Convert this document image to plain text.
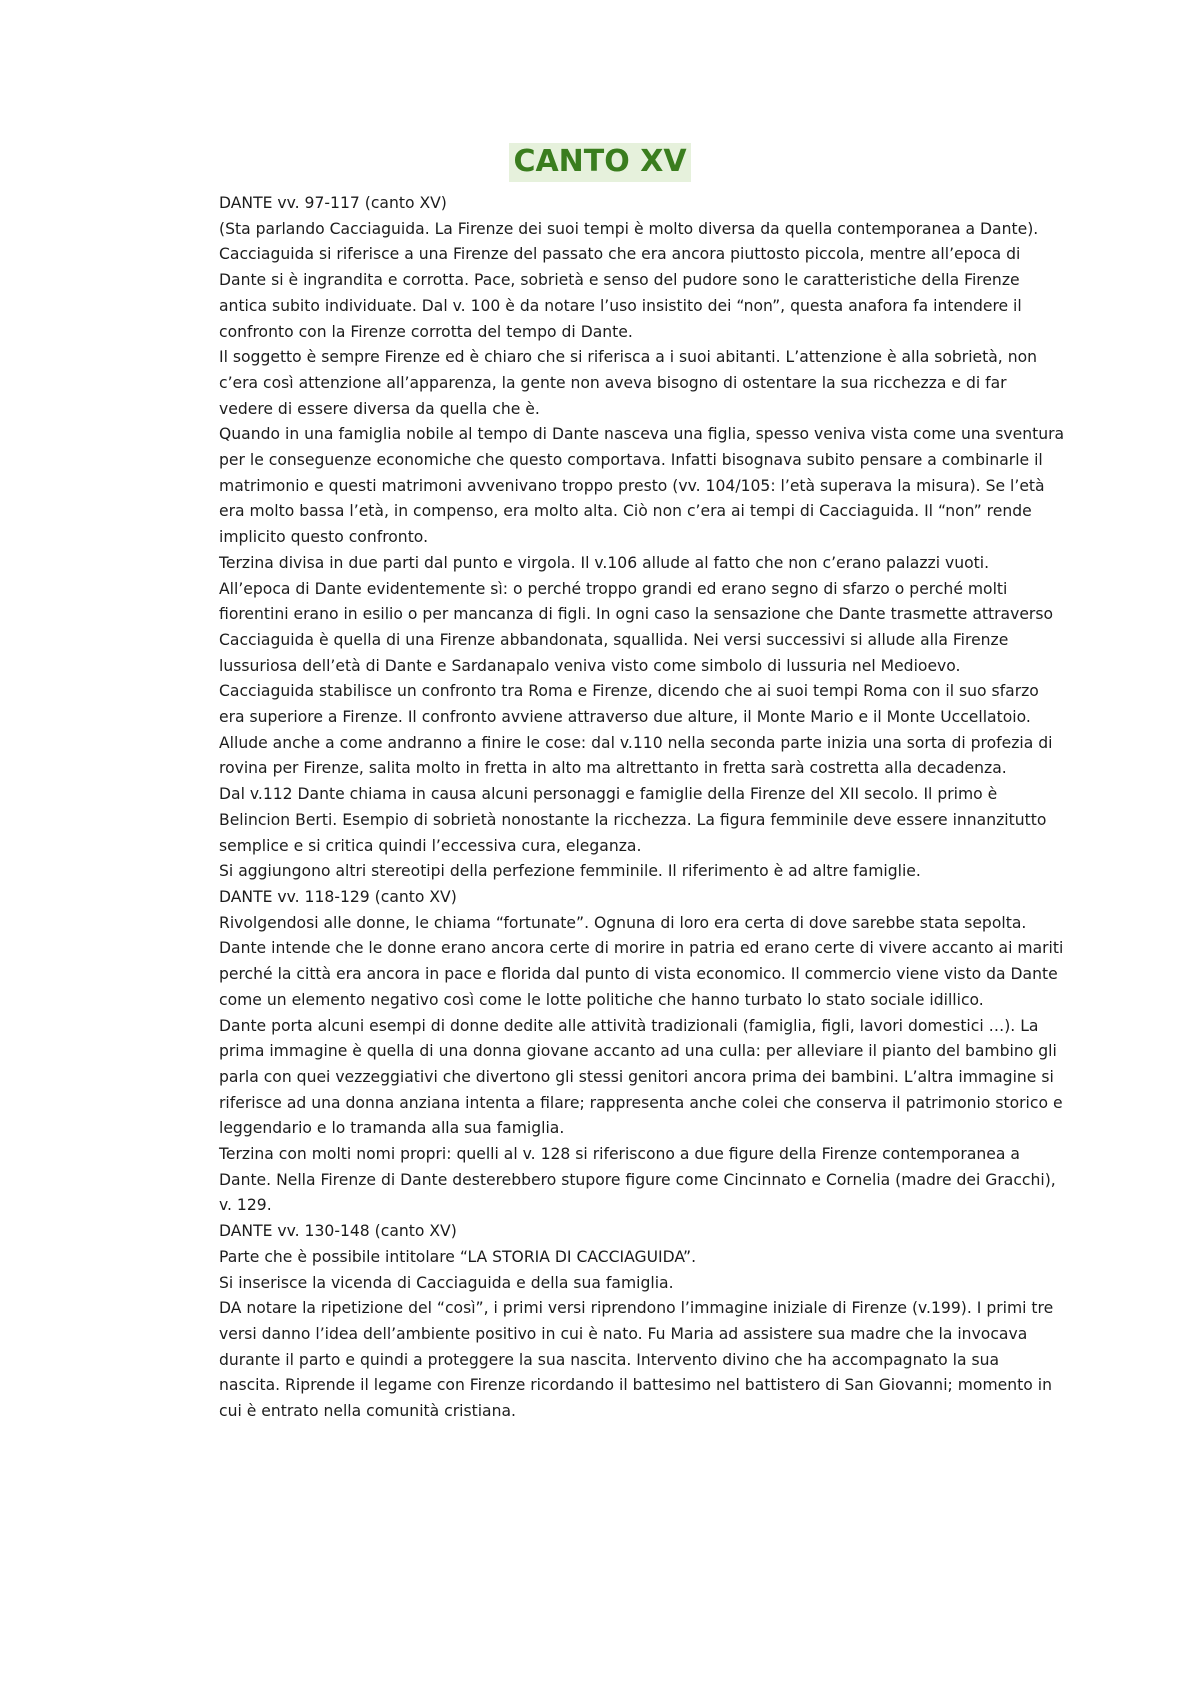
CANTO XV

DANTE vv. 97-117 (canto XV)

(Sta parlando Cacciaguida. La Firenze dei suoi tempi è molto diversa da quella contemporanea a Dante).

Cacciaguida si riferisce a una Firenze del passato che era ancora piuttosto piccola, mentre all’epoca di Dante si è ingrandita e corrotta. Pace, sobrietà e senso del pudore sono le caratteristiche della Firenze antica subito individuate. Dal v. 100 è da notare l’uso insistito dei “non”, questa anafora fa intendere il confronto con la Firenze corrotta del tempo di Dante.

Il soggetto è sempre Firenze ed è chiaro che si riferisca a i suoi abitanti. L’attenzione è alla sobrietà, non c’era così attenzione all’apparenza, la gente non aveva bisogno di ostentare la sua ricchezza e di far vedere di essere diversa da quella che è.

Quando in una famiglia nobile al tempo di Dante nasceva una figlia, spesso veniva vista come una sventura per le conseguenze economiche che questo comportava. Infatti bisognava subito pensare a combinarle il matrimonio e questi matrimoni avvenivano troppo presto (vv. 104/105: l’età superava la misura). Se l’età era molto bassa l’età, in compenso, era molto alta. Ciò non c’era ai tempi di Cacciaguida. Il “non” rende implicito questo confronto.

Terzina divisa in due parti dal punto e virgola. Il v.106 allude al fatto che non c’erano palazzi vuoti. All’epoca di Dante evidentemente sì: o perché troppo grandi ed erano segno di sfarzo o perché molti fiorentini erano in esilio o per mancanza di figli. In ogni caso la sensazione che Dante trasmette attraverso Cacciaguida è quella di una Firenze abbandonata, squallida. Nei versi successivi si allude alla Firenze lussuriosa dell’età di Dante e Sardanapalo veniva visto come simbolo di lussuria nel Medioevo.

Cacciaguida stabilisce un confronto tra Roma e Firenze, dicendo che ai suoi tempi Roma con il suo sfarzo era superiore a Firenze. Il confronto avviene attraverso due alture, il Monte Mario e il Monte Uccellatoio. Allude anche a come andranno a finire le cose: dal v.110 nella seconda parte inizia una sorta di profezia di rovina per Firenze, salita molto in fretta in alto ma altrettanto in fretta sarà costretta alla decadenza.

Dal v.112 Dante chiama in causa alcuni personaggi e famiglie della Firenze del XII secolo. Il primo è Belincion Berti. Esempio di sobrietà nonostante la ricchezza. La figura femminile deve essere innanzitutto semplice e si critica quindi l’eccessiva cura, eleganza.

Si aggiungono altri stereotipi della perfezione femminile. Il riferimento è ad altre famiglie.

DANTE vv. 118-129 (canto XV)

Rivolgendosi alle donne, le chiama “fortunate”. Ognuna di loro era certa di dove sarebbe stata sepolta. Dante intende che le donne erano ancora certe di morire in patria ed erano certe di vivere accanto ai mariti perché la città era ancora in pace e florida dal punto di vista economico. Il commercio viene visto da Dante come un elemento negativo così come le lotte politiche che hanno turbato lo stato sociale idillico.

Dante porta alcuni esempi di donne dedite alle attività tradizionali (famiglia, figli, lavori domestici …). La prima immagine è quella di una donna giovane accanto ad una culla: per alleviare il pianto del bambino gli parla con quei vezzeggiativi che divertono gli stessi genitori ancora prima dei bambini. L’altra immagine si riferisce ad una donna anziana intenta a filare; rappresenta anche colei che conserva il patrimonio storico e leggendario e lo tramanda alla sua famiglia.

Terzina con molti nomi propri: quelli al v. 128 si riferiscono a due figure della Firenze contemporanea a Dante. Nella Firenze di Dante desterebbero stupore figure come Cincinnato e Cornelia (madre dei Gracchi), v. 129.

DANTE vv. 130-148 (canto XV)

Parte che è possibile intitolare “LA STORIA DI CACCIAGUIDA”.

Si inserisce la vicenda di Cacciaguida e della sua famiglia.

DA notare la ripetizione del “così”, i primi versi riprendono l’immagine iniziale di Firenze (v.199). I primi tre versi danno l’idea dell’ambiente positivo in cui è nato. Fu Maria ad assistere sua madre che la invocava durante il parto e quindi a proteggere la sua nascita. Intervento divino che ha accompagnato la sua nascita. Riprende il legame con Firenze ricordando il battesimo nel battistero di San Giovanni; momento in cui è entrato nella comunità cristiana.
